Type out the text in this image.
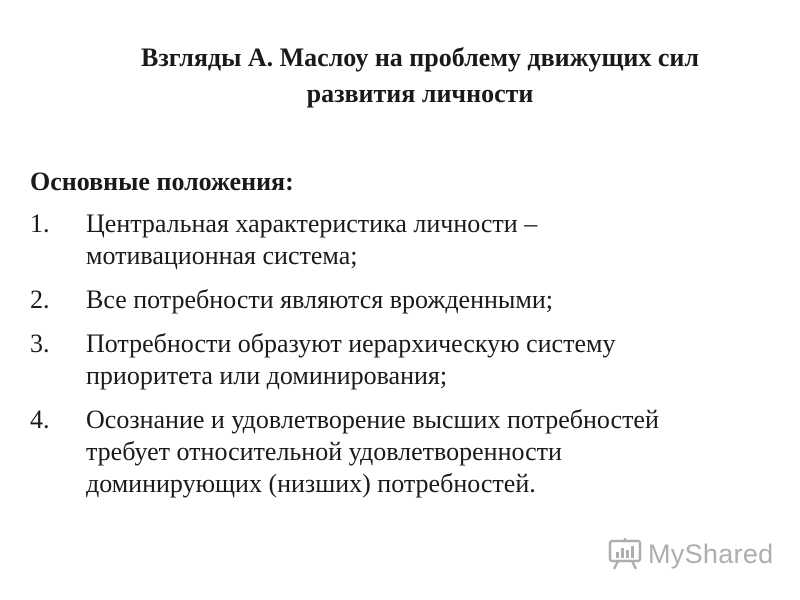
Взгляды А. Маслоу на проблему движущих сил
развития личности
Основные положения:
1.	Центральная характеристика личности –
мотивационная система;
2.	Все потребности являются врожденными;
3.	Потребности образуют иерархическую систему
приоритета или доминирования;
4.	Осознание и удовлетворение высших потребностей
требует относительной удовлетворенности
доминирующих (низших) потребностей.
MyShared
